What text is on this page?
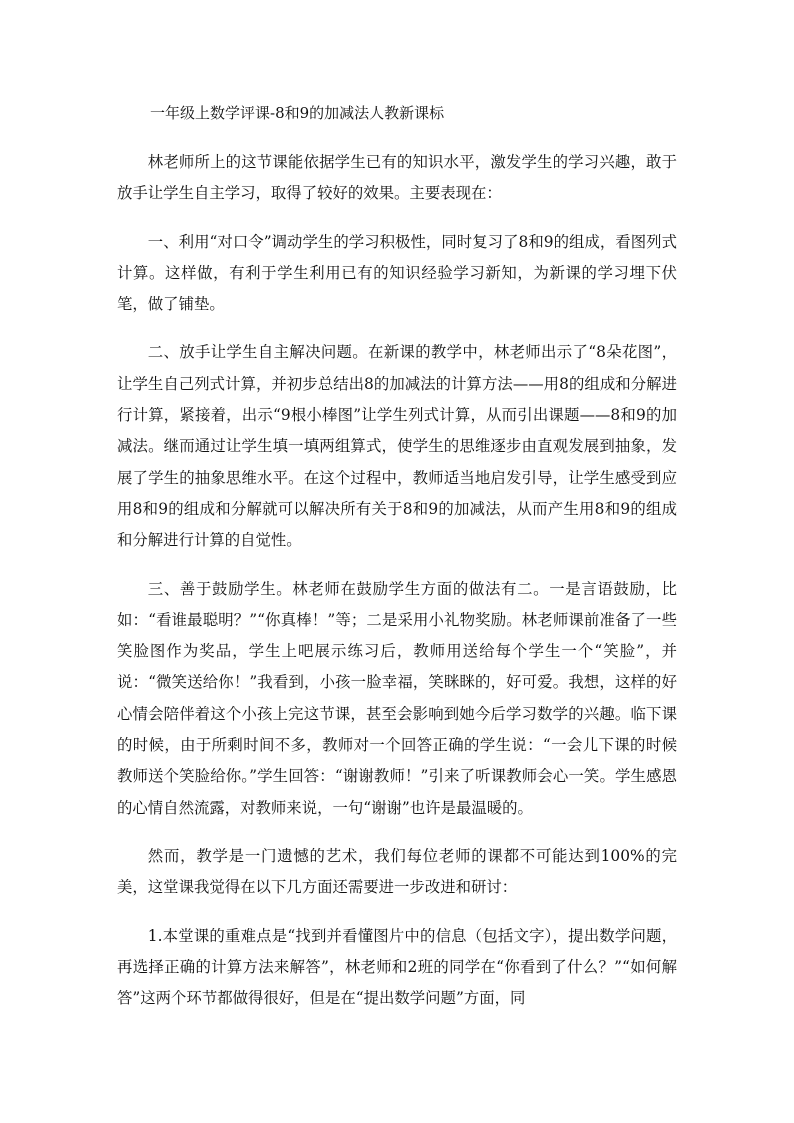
一年级上数学评课-8和9的加减法人教新课标

林老师所上的这节课能依据学生已有的知识水平，激发学生的学习兴趣，敢于放手让学生自主学习，取得了较好的效果。主要表现在：

一、利用“对口令”调动学生的学习积极性，同时复习了8和9的组成，看图列式计算。这样做，有利于学生利用已有的知识经验学习新知，为新课的学习埋下伏笔，做了铺垫。

二、放手让学生自主解决问题。在新课的教学中，林老师出示了“8朵花图”，让学生自己列式计算，并初步总结出8的加减法的计算方法——用8的组成和分解进行计算，紧接着，出示“9根小棒图”让学生列式计算，从而引出课题——8和9的加减法。继而通过让学生填一填两组算式，使学生的思维逐步由直观发展到抽象，发展了学生的抽象思维水平。在这个过程中，教师适当地启发引导，让学生感受到应用8和9的组成和分解就可以解决所有关于8和9的加减法，从而产生用8和9的组成和分解进行计算的自觉性。

三、善于鼓励学生。林老师在鼓励学生方面的做法有二。一是言语鼓励，比如：“看谁最聪明？”“你真棒！”等；二是采用小礼物奖励。林老师课前准备了一些笑脸图作为奖品，学生上吧展示练习后，教师用送给每个学生一个“笑脸”，并说：“微笑送给你！”我看到，小孩一脸幸福，笑眯眯的，好可爱。我想，这样的好心情会陪伴着这个小孩上完这节课，甚至会影响到她今后学习数学的兴趣。临下课的时候，由于所剩时间不多，教师对一个回答正确的学生说：“一会儿下课的时候教师送个笑脸给你。”学生回答：“谢谢教师！”引来了听课教师会心一笑。学生感恩的心情自然流露，对教师来说，一句“谢谢”也许是最温暖的。

然而，教学是一门遗憾的艺术，我们每位老师的课都不可能达到100%的完美，这堂课我觉得在以下几方面还需要进一步改进和研讨：

1.本堂课的重难点是“找到并看懂图片中的信息（包括文字），提出数学问题，再选择正确的计算方法来解答”，林老师和2班的同学在“你看到了什么？”“如何解答”这两个环节都做得很好，但是在“提出数学问题”方面，同
